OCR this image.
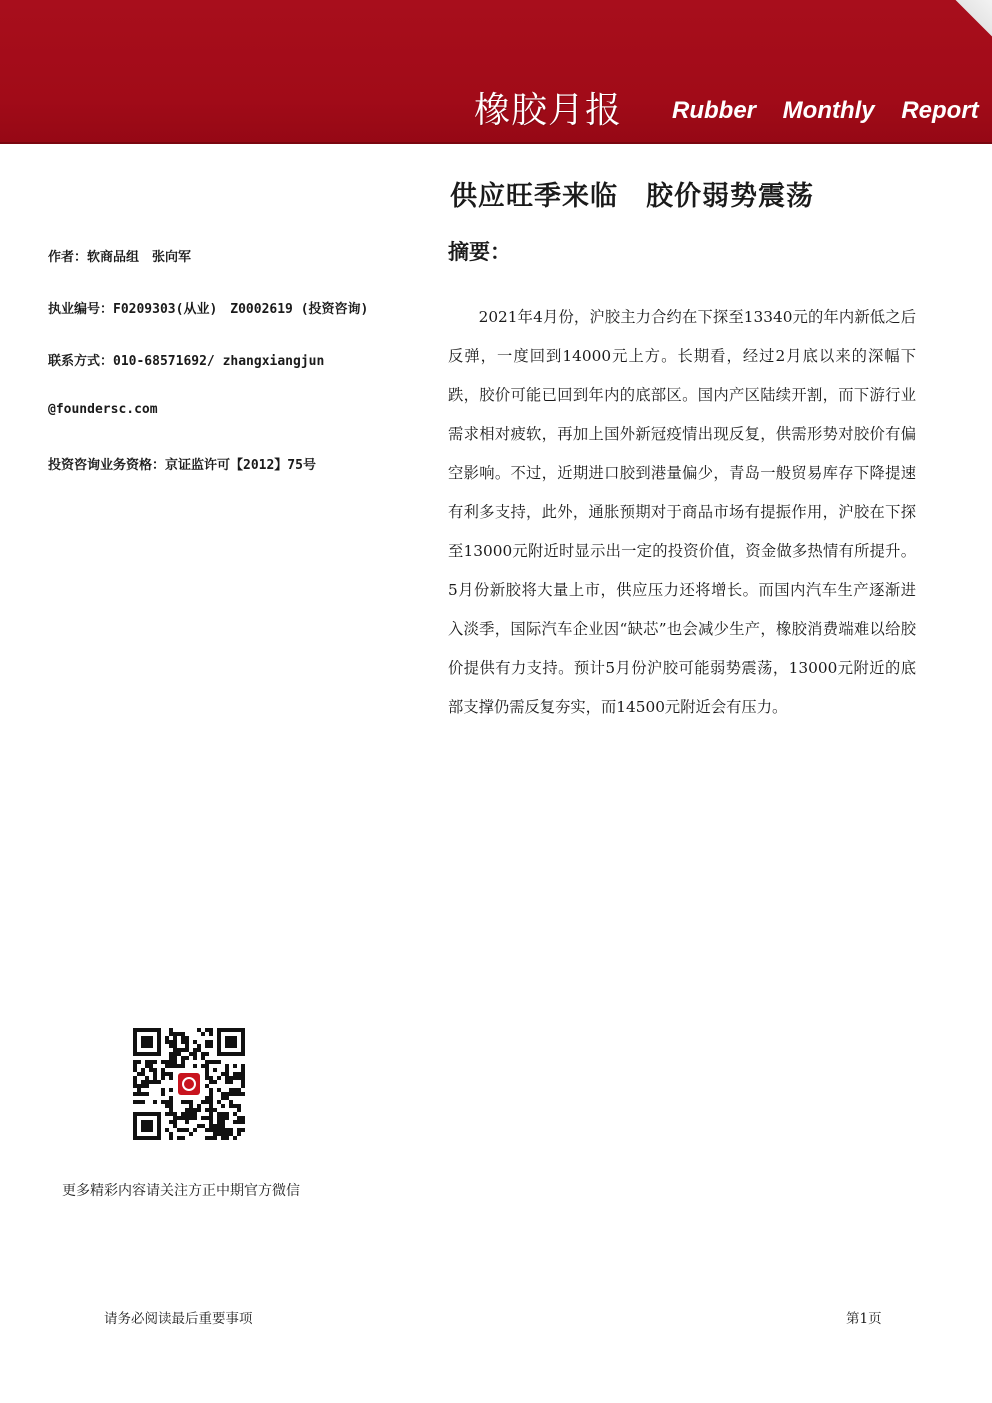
橡胶月报 Rubber Monthly Report
供应旺季来临　胶价弱势震荡
作者：软商品组　张向军
执业编号：F0209303(从业)　Z0002619 (投资咨询)
联系方式：010-68571692/ zhangxiangjun
@foundersc.com
投资咨询业务资格：京证监许可【2012】75号
摘要：

2021年4月份，沪胶主力合约在下探至13340元的年内新低之后反弹，一度回到14000元上方。长期看，经过2月底以来的深幅下跌，胶价可能已回到年内的底部区。国内产区陆续开割，而下游行业需求相对疲软，再加上国外新冠疫情出现反复，供需形势对胶价有偏空影响。不过，近期进口胶到港量偏少，青岛一般贸易库存下降提速有利多支持，此外，通胀预期对于商品市场有提振作用，沪胶在下探至13000元附近时显示出一定的投资价值，资金做多热情有所提升。5月份新胶将大量上市，供应压力还将增长。而国内汽车生产逐渐进入淡季，国际汽车企业因“缺芯”也会减少生产，橡胶消费端难以给胶价提供有力支持。预计5月份沪胶可能弱势震荡，13000元附近的底部支撑仍需反复夯实，而14500元附近会有压力。

更多精彩内容请关注方正中期官方微信
请务必阅读最后重要事项	第1页
